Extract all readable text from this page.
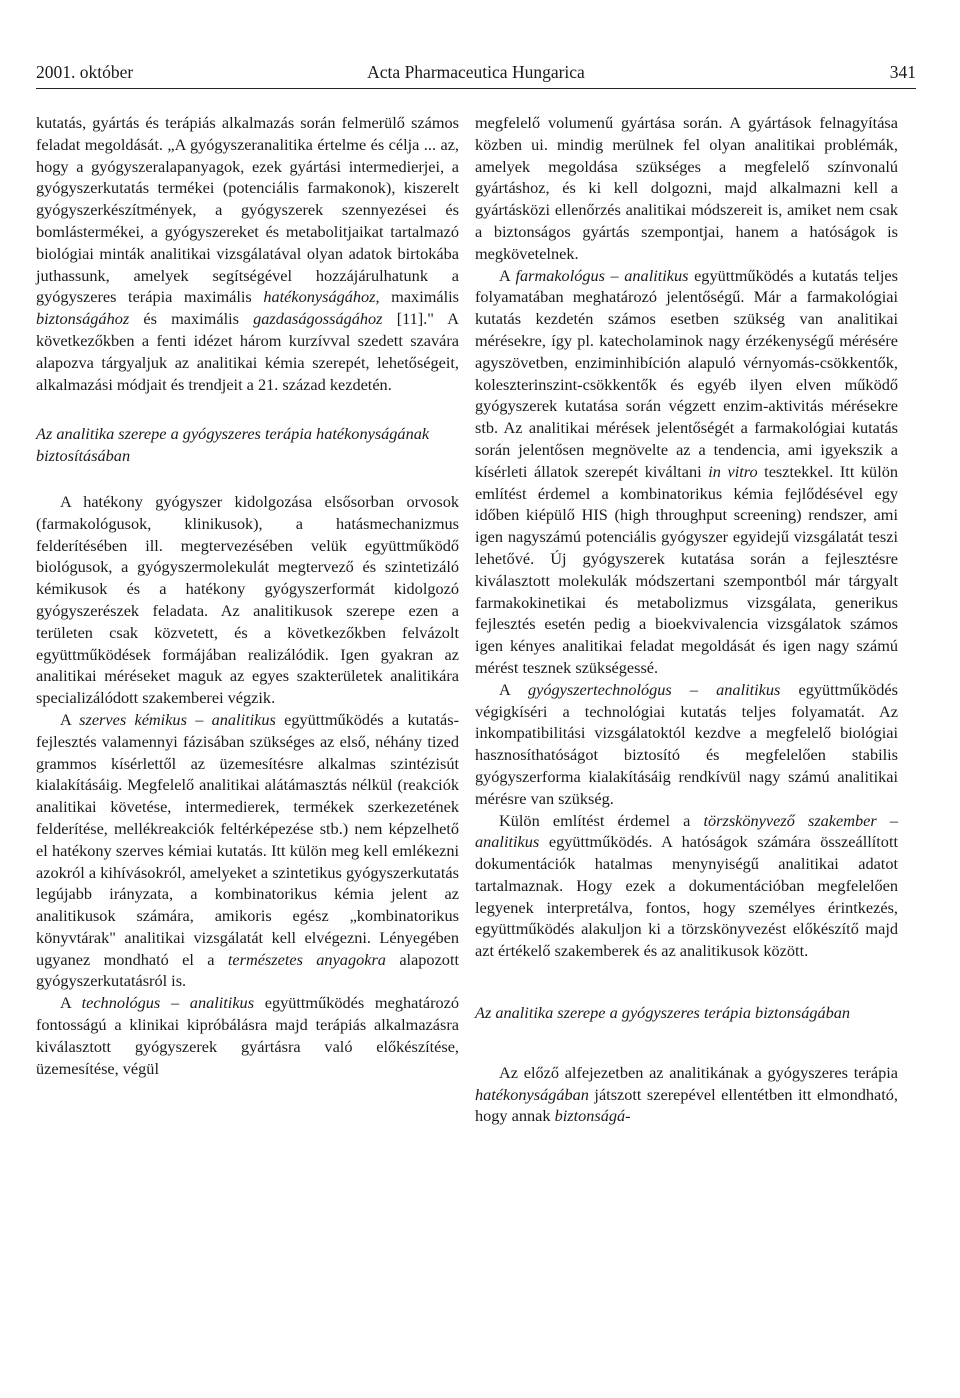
Acta Pharmaceutica Hungarica
2001. október	341

kutatás, gyártás és terápiás alkalmazás során felmerülő számos feladat megoldását. „A gyógyszeranalitika értelme és célja ... az, hogy a gyógyszeralapanyagok, ezek gyártási intermedierjei, a gyógyszerkutatás termékei (potenciális farmakonok), kiszerelt gyógyszerkészítmények, a gyógyszerek szennyezései és bomlástermékei, a gyógyszereket és metabolitjaikat tartalmazó biológiai minták analitikai vizsgálatával olyan adatok birtokába juthassunk, amelyek segítségével hozzájárulhatunk a gyógyszeres terápia maximális hatékonyságához, maximális biztonságához és maximális gazdaságosságához [11]." A következőkben a fenti idézet három kurzívval szedett szavára alapozva tárgyaljuk az analitikai kémia szerepét, lehetőségeit, alkalmazási módjait és trendjeit a 21. század kezdetén.

Az analitika szerepe a gyógyszeres terápia hatékonyságának biztosításában

A hatékony gyógyszer kidolgozása elsősorban orvosok (farmakológusok, klinikusok), a hatásmechanizmus felderítésében ill. megtervezésében velük együttműködő biológusok, a gyógyszermolekulát megtervező és szintetizáló kémikusok és a hatékony gyógyszerformát kidolgozó gyógyszerészek feladata. Az analitikusok szerepe ezen a területen csak közvetett, és a következőkben felvázolt együttműködések formájában realizálódik. Igen gyakran az analitikai méréseket maguk az egyes szakterületek analitikára specializálódott szakemberei végzik.

A szerves kémikus – analitikus együttműködés a kutatás-fejlesztés valamennyi fázisában szükséges az első, néhány tized grammos kísérlettől az üzemesítésre alkalmas szintézisút kialakításáig. Megfelelő analitikai alátámasztás nélkül (reakciók analitikai követése, intermedierek, termékek szerkezetének felderítése, mellékreakciók feltérképezése stb.) nem képzelhető el hatékony szerves kémiai kutatás. Itt külön meg kell emlékezni azokról a kihívásokról, amelyeket a szintetikus gyógyszerkutatás legújabb irányzata, a kombinatorikus kémia jelent az analitikusok számára, amikoris egész „kombinatorikus könyvtárak" analitikai vizsgálatát kell elvégezni. Lényegében ugyanez mondható el a természetes anyagokra alapozott gyógyszerkutatásról is.

A technológus – analitikus együttműködés meghatározó fontosságú a klinikai kipróbálásra majd terápiás alkalmazásra kiválasztott gyógyszerek gyártásra való előkészítése, üzemesítése, végül

megfelelő volumenű gyártása során. A gyártások felnagyítása közben ui. mindig merülnek fel olyan analitikai problémák, amelyek megoldása szükséges a megfelelő színvonalú gyártáshoz, és ki kell dolgozni, majd alkalmazni kell a gyártásközi ellenőrzés analitikai módszereit is, amiket nem csak a biztonságos gyártás szempontjai, hanem a hatóságok is megkövetelnek.

A farmakológus – analitikus együttműködés a kutatás teljes folyamatában meghatározó jelentőségű. Már a farmakológiai kutatás kezdetén számos esetben szükség van analitikai mérésekre, így pl. katecholaminok nagy érzékenységű mérésére agyszövetben, enziminhibíción alapuló vérnyomás-csökkentők, koleszterinszint-csökkentők és egyéb ilyen elven működő gyógyszerek kutatása során végzett enzim-aktivitás mérésekre stb. Az analitikai mérések jelentőségét a farmakológiai kutatás során jelentősen megnövelte az a tendencia, ami igyekszik a kísérleti állatok szerepét kiváltani in vitro tesztekkel. Itt külön említést érdemel a kombinatorikus kémia fejlődésével egy időben kiépülő HIS (high throughput screening) rendszer, ami igen nagyszámú potenciális gyógyszer egyidejű vizsgálatát teszi lehetővé. Új gyógyszerek kutatása során a fejlesztésre kiválasztott molekulák módszertani szempontból már tárgyalt farmakokinetikai és metabolizmus vizsgálata, generikus fejlesztés esetén pedig a bioekvivalencia vizsgálatok számos igen kényes analitikai feladat megoldását és igen nagy számú mérést tesznek szükségessé.

A gyógyszertechnológus – analitikus együttműködés végigkíséri a technológiai kutatás teljes folyamatát. Az inkompatibilitási vizsgálatoktól kezdve a megfelelő biológiai hasznosíthatóságot biztosító és megfelelően stabilis gyógyszerforma kialakításáig rendkívül nagy számú analitikai mérésre van szükség.

Külön említést érdemel a törzskönyvező szakember – analitikus együttműködés. A hatóságok számára összeállított dokumentációk hatalmas menynyiségű analitikai adatot tartalmaznak. Hogy ezek a dokumentációban megfelelően legyenek interpretálva, fontos, hogy személyes érintkezés, együttműködés alakuljon ki a törzskönyvezést előkészítő majd azt értékelő szakemberek és az analitikusok között.

Az analitika szerepe a gyógyszeres terápia biztonságában

Az előző alfejezetben az analitikának a gyógyszeres terápia hatékonyságában játszott szerepével ellentétben itt elmondható, hogy annak biztonságá-
